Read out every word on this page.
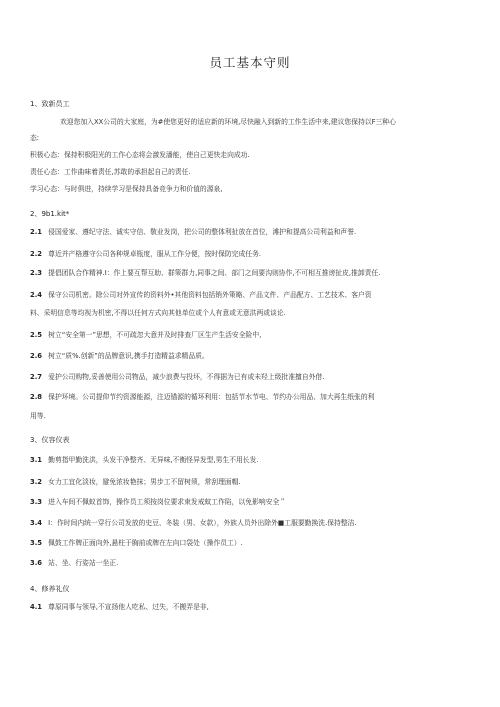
员工基本守则
1、致新员工
欢迎您加入XX公司的大家庭，为#使您更好的适应新的环境,尽快融入到新的工作生活中来,建议您保持以F三种心
态:
积极心态：保持积极阳光的工作心态将会激发潘能，使自己更快走向成功.
责任心态：工作曲味着责任,苏敢的承担起自己的责任.
学习心态：与时俱进，持续学习是保持具备竞争力和价值的源泉,
2、9b1.kit*
2.1 侵国爱家、遵纪守法、诚实守信、敬业发岗，把公司的整体利扯放在首位，滩护和提高公司利益和声誉.
2.2 尊近并产格遵守公司各种规卓瓶度，服从工作分便，按时保防完成任务.
2.3 提倡团队合作精神.I：作上要互帮互助、群策群力,同事之间、部门之间要沟则协作,不可相互推谤扯皮,推卸责任.
2.4 保守公司机密。除公司对外宣传的资料外•其他资料包括销外策略、产品文件、产品配方、工艺技术、客户资
料、采明信息等均视为机密,不得以任何方式向其他单位或个人有意或无意洪两或谈论.
2.5 树立“安全第一”思想，不可疏忽大意并及时排查厂区生产生活安全险中,
2.6 树立“质%.创新”的品牌意识,携手打造精益求精品质。
2.7 爱护公司购物,妥善使用公司物品，减少浪费与投坏，不得据为已有或未羟上级批准擅自外借.
2.8 保护环境。公司提仰节约资源能源，注迈锚源的循环利用：包括节水节电、节约办公用品、加大再生纸张的利
用等.
3、仪容仪表
3.1 勤剪指甲勤洗洪，头发干净整齐、无异味,不衡怪异发型,男生不用长发.
3.2 女力工宜化淡妆，避免浓妆艳抹；男步工不留树须，常刮理面帽.
3.3 进入车间不佩蚁首饰，操作员工须按岗位要求束发戒蚊工作陷，以免影响安全＂
3.4 I：作时间内统一穿行公司发放的史豆、冬装（男、女款），外族人员外出除外■工服要勤换洗.保持整洁.
3.5 佩鼓工作牌正面向外,悬柱于胸前或牌在左向口袋处（操作员工）.
3.6 站、坐、行姿站一坐正.
4、修养礼仪
4.1 尊原同事与领导,不宣扬他人吃私、过失，不搬弄是非,
